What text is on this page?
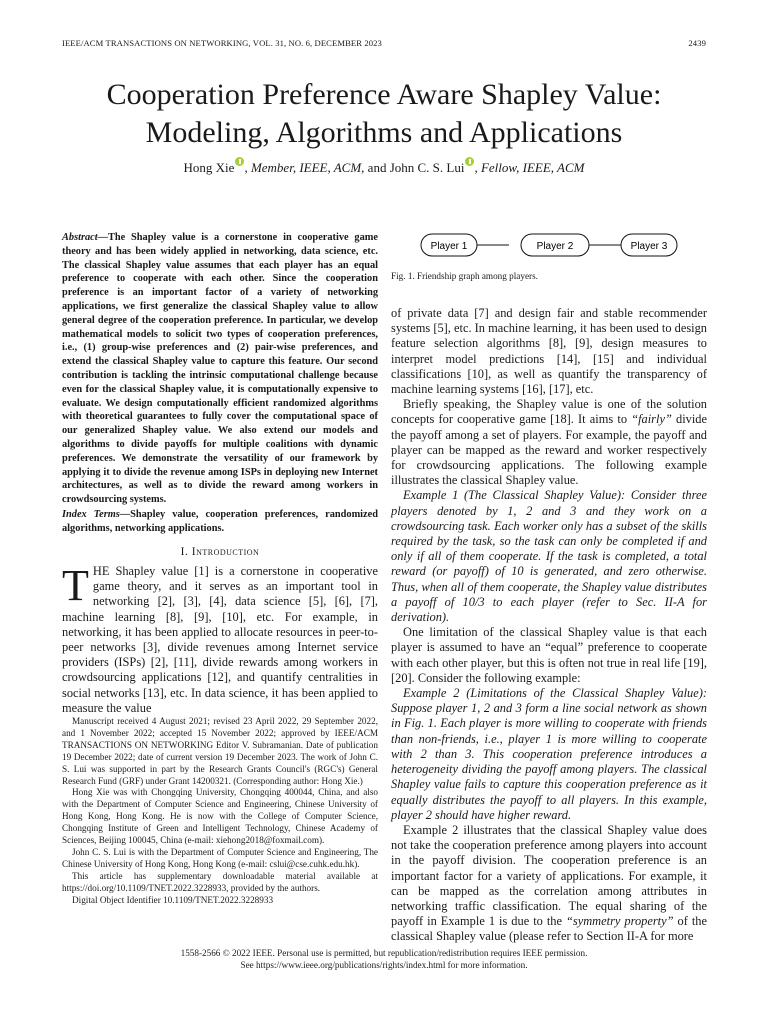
IEEE/ACM TRANSACTIONS ON NETWORKING, VOL. 31, NO. 6, DECEMBER 2023	2439
Cooperation Preference Aware Shapley Value:
Modeling, Algorithms and Applications
Hong Xie , Member, IEEE, ACM, and John C. S. Lui , Fellow, IEEE, ACM
Abstract—The Shapley value is a cornerstone in cooperative game theory and has been widely applied in networking, data science, etc. The classical Shapley value assumes that each player has an equal preference to cooperate with each other. Since the cooperation preference is an important factor of a variety of networking applications, we first generalize the classical Shapley value to allow general degree of the cooperation preference. In particular, we develop mathematical models to solicit two types of cooperation preferences, i.e., (1) group-wise preferences and (2) pair-wise preferences, and extend the classical Shapley value to capture this feature. Our second contribution is tackling the intrinsic computational challenge because even for the classical Shapley value, it is computationally expensive to evaluate. We design computationally efficient randomized algorithms with theoretical guarantees to fully cover the computational space of our generalized Shapley value. We also extend our models and algorithms to divide payoffs for multiple coalitions with dynamic preferences. We demonstrate the versatility of our framework by applying it to divide the revenue among ISPs in deploying new Internet architectures, as well as to divide the reward among workers in crowdsourcing systems.
Index Terms—Shapley value, cooperation preferences, randomized algorithms, networking applications.
I. Introduction
THE Shapley value [1] is a cornerstone in cooperative game theory, and it serves as an important tool in networking [2], [3], [4], data science [5], [6], [7], machine learning [8], [9], [10], etc. For example, in networking, it has been applied to allocate resources in peer-to-peer networks [3], divide revenues among Internet service providers (ISPs) [2], [11], divide rewards among workers in crowdsourcing applications [12], and quantify centralities in social networks [13], etc. In data science, it has been applied to measure the value

Manuscript received 4 August 2021; revised 23 April 2022, 29 September 2022, and 1 November 2022; accepted 15 November 2022; approved by IEEE/ACM TRANSACTIONS ON NETWORKING Editor V. Subramanian. Date of publication 19 December 2022; date of current version 19 December 2023. The work of John C. S. Lui was supported in part by the Research Grants Council's (RGC's) General Research Fund (GRF) under Grant 14200321. (Corresponding author: Hong Xie.)

Hong Xie was with Chongqing University, Chongqing 400044, China, and also with the Department of Computer Science and Engineering, Chinese University of Hong Kong, Hong Kong. He is now with the College of Computer Science, Chongqing Institute of Green and Intelligent Technology, Chinese Academy of Sciences, Beijing 100045, China (e-mail: xiehong2018@foxmail.com).

John C. S. Lui is with the Department of Computer Science and Engineering, The Chinese University of Hong Kong, Hong Kong (e-mail: cslui@cse.cuhk.edu.hk).

This article has supplementary downloadable material available at https://doi.org/10.1109/TNET.2022.3228933, provided by the authors.

Digital Object Identifier 10.1109/TNET.2022.3228933

Player 1	Player 2	Player 3
Fig. 1. Friendship graph among players.

of private data [7] and design fair and stable recommender systems [5], etc. In machine learning, it has been used to design feature selection algorithms [8], [9], design measures to interpret model predictions [14], [15] and individual classifications [10], as well as quantify the transparency of machine learning systems [16], [17], etc.

Briefly speaking, the Shapley value is one of the solution concepts for cooperative game [18]. It aims to “fairly” divide the payoff among a set of players. For example, the payoff and player can be mapped as the reward and worker respectively for crowdsourcing applications. The following example illustrates the classical Shapley value.

Example 1 (The Classical Shapley Value): Consider three players denoted by 1, 2 and 3 and they work on a crowdsourcing task. Each worker only has a subset of the skills required by the task, so the task can only be completed if and only if all of them cooperate. If the task is completed, a total reward (or payoff) of 10 is generated, and zero otherwise. Thus, when all of them cooperate, the Shapley value distributes a payoff of 10/3 to each player (refer to Sec. II-A for derivation).

One limitation of the classical Shapley value is that each player is assumed to have an “equal” preference to cooperate with each other player, but this is often not true in real life [19], [20]. Consider the following example:

Example 2 (Limitations of the Classical Shapley Value): Suppose player 1, 2 and 3 form a line social network as shown in Fig. 1. Each player is more willing to cooperate with friends than non-friends, i.e., player 1 is more willing to cooperate with 2 than 3. This cooperation preference introduces a heterogeneity dividing the payoff among players. The classical Shapley value fails to capture this cooperation preference as it equally distributes the payoff to all players. In this example, player 2 should have higher reward.

Example 2 illustrates that the classical Shapley value does not take the cooperation preference among players into account in the payoff division. The cooperation preference is an important factor for a variety of applications. For example, it can be mapped as the correlation among attributes in networking traffic classification. The equal sharing of the payoff in Example 1 is due to the “symmetry property” of the classical Shapley value (please refer to Section II-A for more

1558-2566 © 2022 IEEE. Personal use is permitted, but republication/redistribution requires IEEE permission.
See https://www.ieee.org/publications/rights/index.html for more information.
